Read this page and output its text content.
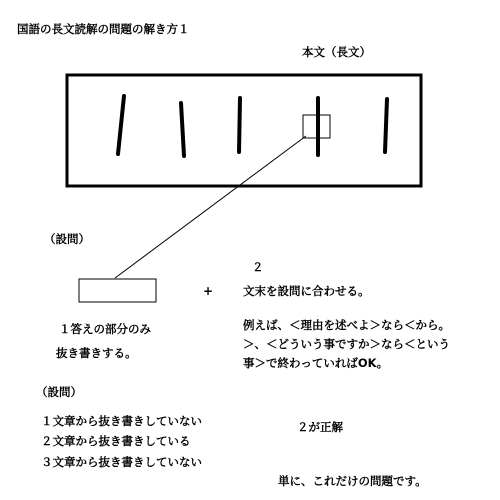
国語の長文読解の問題の解き方１
本文（長文）
（設問）
+
１答えの部分のみ
抜き書きする。
２
文末を設問に合わせる。
例えば、＜理由を述べよ＞なら＜から。
＞、＜どういう事ですか＞なら＜という
事＞で終わっていればOK。
（設問）
１文章から抜き書きしていない
２文章から抜き書きしている
３文章から抜き書きしていない
２が正解
単に、これだけの問題です。
